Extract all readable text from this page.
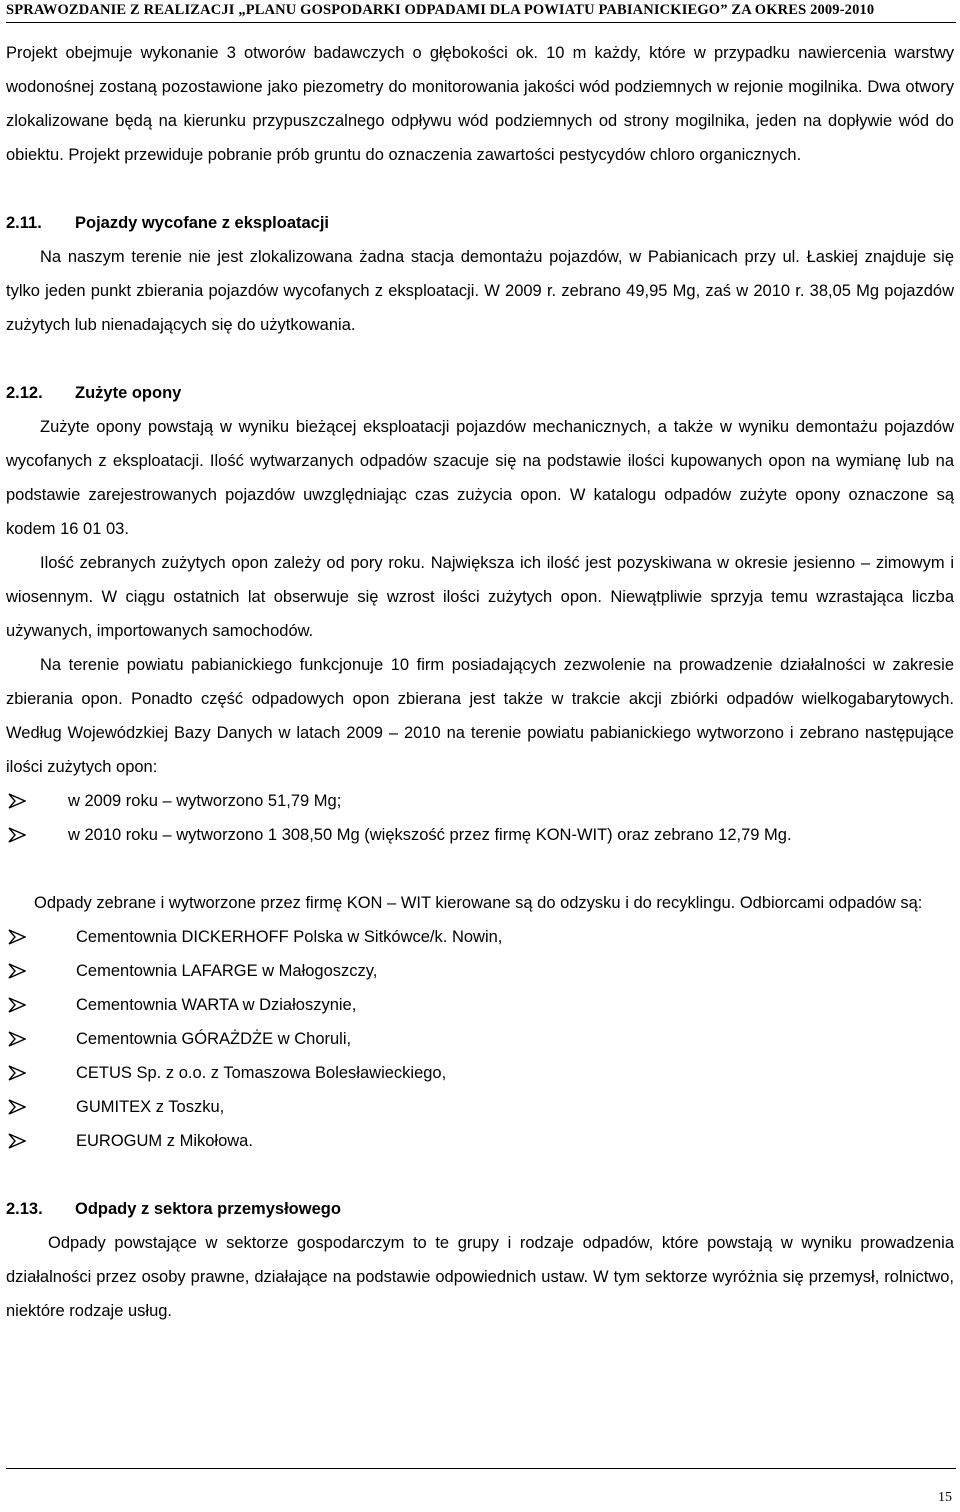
SPRAWOZDANIE Z REALIZACJI „PLANU GOSPODARKI ODPADAMI DLA POWIATU PABIANICKIEGO” ZA OKRES 2009-2010

Projekt obejmuje wykonanie 3 otworów badawczych o głębokości ok. 10 m każdy, które w przypadku nawiercenia warstwy wodonośnej zostaną pozostawione jako piezometry do monitorowania jakości wód podziemnych w rejonie mogilnika. Dwa otwory zlokalizowane będą na kierunku przypuszczalnego odpływu wód podziemnych od strony mogilnika, jeden na dopływie wód do obiektu. Projekt przewiduje pobranie prób gruntu do oznaczenia zawartości pestycydów chloro organicznych.

2.11. Pojazdy wycofane z eksploatacji

Na naszym terenie nie jest zlokalizowana żadna stacja demontażu pojazdów, w Pabianicach przy ul. Łaskiej znajduje się tylko jeden punkt zbierania pojazdów wycofanych z eksploatacji. W 2009 r. zebrano 49,95 Mg, zaś w 2010 r. 38,05 Mg pojazdów zużytych lub nienadających się do użytkowania.

2.12. Zużyte opony

Zużyte opony powstają w wyniku bieżącej eksploatacji pojazdów mechanicznych, a także w wyniku demontażu pojazdów wycofanych z eksploatacji. Ilość wytwarzanych odpadów szacuje się na podstawie ilości kupowanych opon na wymianę lub na podstawie zarejestrowanych pojazdów uwzględniając czas zużycia opon. W katalogu odpadów zużyte opony oznaczone są kodem 16 01 03.

Ilość zebranych zużytych opon zależy od pory roku. Największa ich ilość jest pozyskiwana w okresie jesienno – zimowym i wiosennym. W ciągu ostatnich lat obserwuje się wzrost ilości zużytych opon. Niewątpliwie sprzyja temu wzrastająca liczba używanych, importowanych samochodów.

Na terenie powiatu pabianickiego funkcjonuje 10 firm posiadających zezwolenie na prowadzenie działalności w zakresie zbierania opon. Ponadto część odpadowych opon zbierana jest także w trakcie akcji zbiórki odpadów wielkogabarytowych. Według Wojewódzkiej Bazy Danych w latach 2009 – 2010 na terenie powiatu pabianickiego wytworzono i zebrano następujące ilości zużytych opon:

w 2009 roku – wytworzono 51,79 Mg;
w 2010 roku – wytworzono 1 308,50 Mg (większość przez firmę KON-WIT) oraz zebrano 12,79 Mg.

Odpady zebrane i wytworzone przez firmę KON – WIT kierowane są do odzysku i do recyklingu. Odbiorcami odpadów są:

Cementownia DICKERHOFF Polska w Sitkówce/k. Nowin,
Cementownia LAFARGE w Małogoszczy,
Cementownia WARTA w Działoszynie,
Cementownia GÓRAŻDŻE w Choruli,
CETUS Sp. z o.o. z Tomaszowa Bolesławieckiego,
GUMITEX z Toszku,
EUROGUM z Mikołowa.

2.13. Odpady z sektora przemysłowego

Odpady powstające w sektorze gospodarczym to te grupy i rodzaje odpadów, które powstają w wyniku prowadzenia działalności przez osoby prawne, działające na podstawie odpowiednich ustaw. W tym sektorze wyróżnia się przemysł, rolnictwo, niektóre rodzaje usług.

15
